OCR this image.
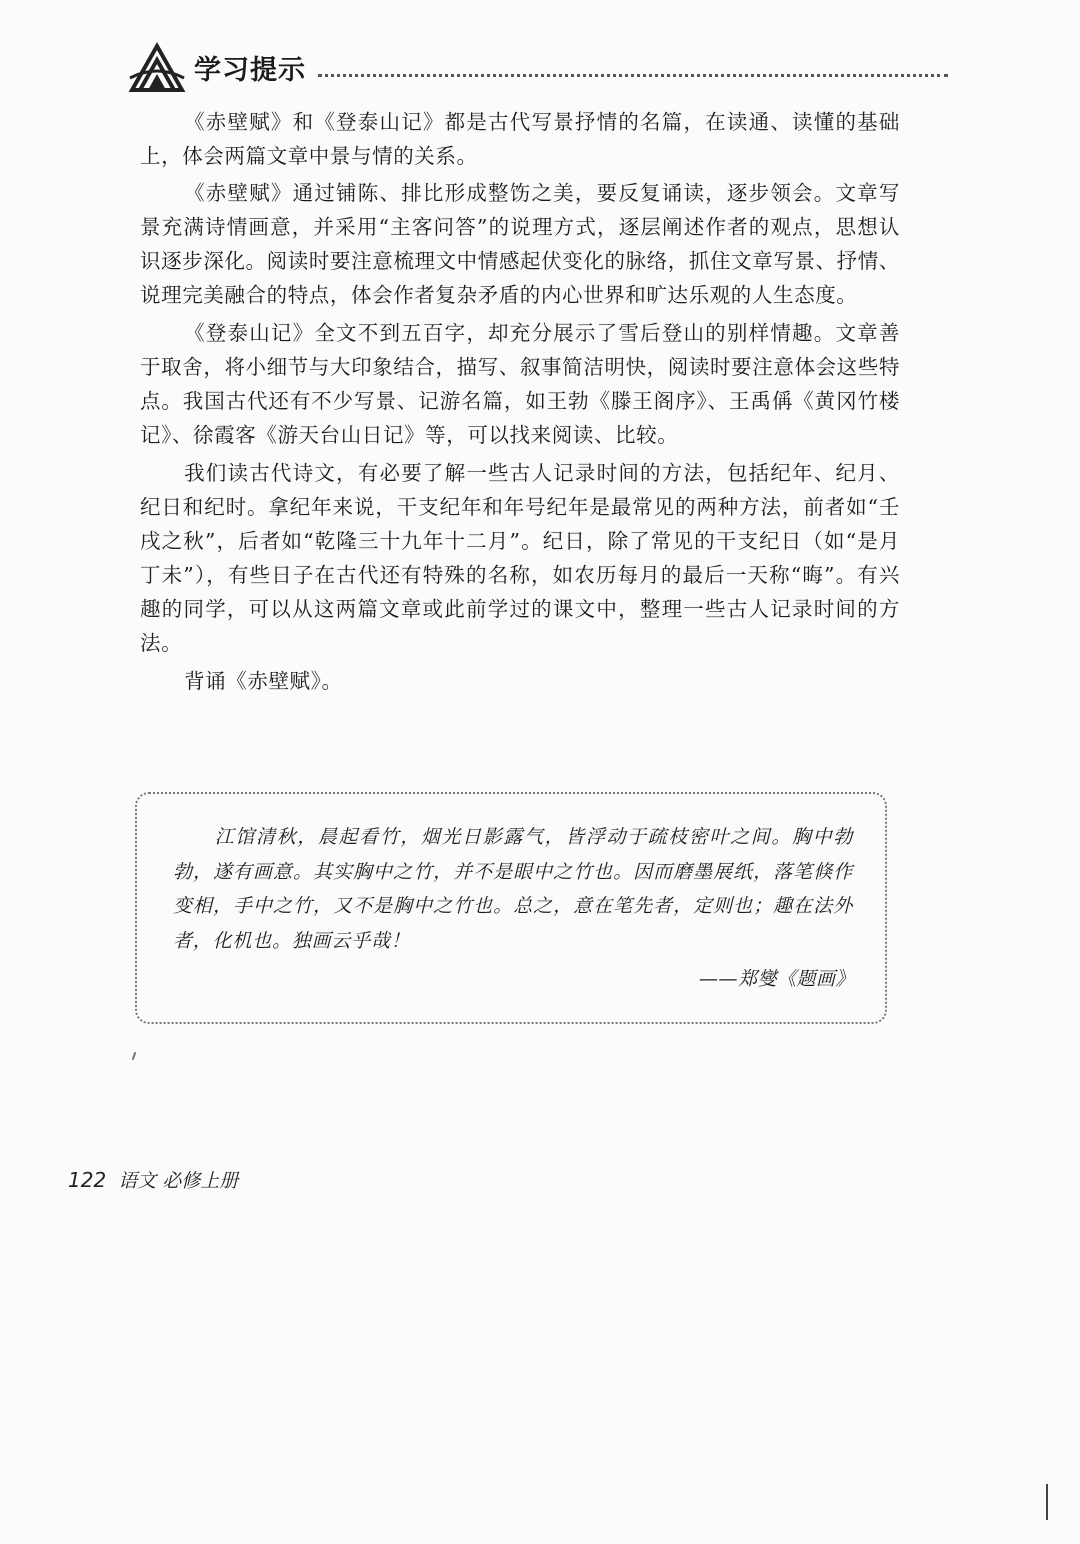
学习提示

《赤壁赋》和《登泰山记》都是古代写景抒情的名篇，在读通、读懂的基础上，体会两篇文章中景与情的关系。

《赤壁赋》通过铺陈、排比形成整饬之美，要反复诵读，逐步领会。文章写景充满诗情画意，并采用“主客问答”的说理方式，逐层阐述作者的观点，思想认识逐步深化。阅读时要注意梳理文中情感起伏变化的脉络，抓住文章写景、抒情、说理完美融合的特点，体会作者复杂矛盾的内心世界和旷达乐观的人生态度。

《登泰山记》全文不到五百字，却充分展示了雪后登山的别样情趣。文章善于取舍，将小细节与大印象结合，描写、叙事简洁明快，阅读时要注意体会这些特点。我国古代还有不少写景、记游名篇，如王勃《滕王阁序》、王禹偁《黄冈竹楼记》、徐霞客《游天台山日记》等，可以找来阅读、比较。

我们读古代诗文，有必要了解一些古人记录时间的方法，包括纪年、纪月、纪日和纪时。拿纪年来说，干支纪年和年号纪年是最常见的两种方法，前者如“壬戌之秋”，后者如“乾隆三十九年十二月”。纪日，除了常见的干支纪日（如“是月丁未”），有些日子在古代还有特殊的名称，如农历每月的最后一天称“晦”。有兴趣的同学，可以从这两篇文章或此前学过的课文中，整理一些古人记录时间的方法。

背诵《赤壁赋》。

江馆清秋，晨起看竹，烟光日影露气，皆浮动于疏枝密叶之间。胸中勃勃，遂有画意。其实胸中之竹，并不是眼中之竹也。因而磨墨展纸，落笔倏作变相，手中之竹，又不是胸中之竹也。总之，意在笔先者，定则也；趣在法外者，化机也。独画云乎哉！

——郑燮《题画》

122 语文 必修上册
